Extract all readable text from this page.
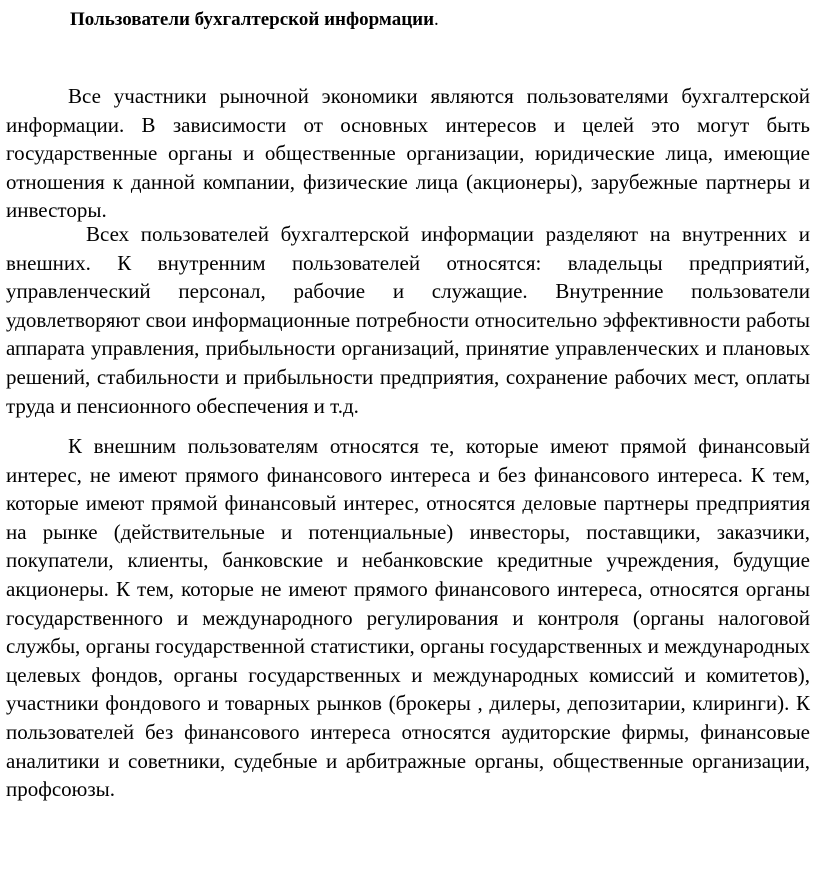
Пользователи бухгалтерской информации.

Все участники рыночной экономики являются пользователями бухгалтерской информации. В зависимости от основных интересов и целей это могут быть государственные органы и общественные организации, юридические лица, имеющие отношения к данной компании, физические лица (акционеры), зарубежные партнеры и инвесторы.

Всех пользователей бухгалтерской информации разделяют на внутренних и внешних. К внутренним пользователей относятся: владельцы предприятий, управленческий персонал, рабочие и служащие. Внутренние пользователи удовлетворяют свои информационные потребности относительно эффективности работы аппарата управления, прибыльности организаций, принятие управленческих и плановых решений, стабильности и прибыльности предприятия, сохранение рабочих мест, оплаты труда и пенсионного обеспечения и т.д.

К внешним пользователям относятся те, которые имеют прямой финансовый интерес, не имеют прямого финансового интереса и без финансового интереса. К тем, которые имеют прямой финансовый интерес, относятся деловые партнеры предприятия на рынке (действительные и потенциальные) инвесторы, поставщики, заказчики, покупатели, клиенты, банковские и небанковские кредитные учреждения, будущие акционеры. К тем, которые не имеют прямого финансового интереса, относятся органы государственного и международного регулирования и контроля (органы налоговой службы, органы государственной статистики, органы государственных и международных целевых фондов, органы государственных и международных комиссий и комитетов), участники фондового и товарных рынков (брокеры , дилеры, депозитарии, клиринги). К пользователей без финансового интереса относятся аудиторские фирмы, финансовые аналитики и советники, судебные и арбитражные органы, общественные организации, профсоюзы.
